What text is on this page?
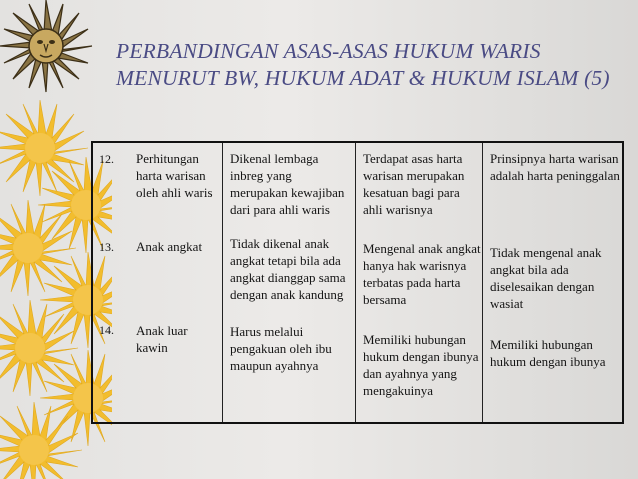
PERBANDINGAN ASAS-ASAS HUKUM WARIS
MENURUT BW, HUKUM ADAT & HUKUM ISLAM (5)
12. Perhitungan harta warisan oleh ahli waris
Dikenal lembaga inbreg yang merupakan kewajiban dari para ahli waris
Terdapat asas harta warisan merupakan kesatuan bagi para ahli warisnya
Prinsipnya harta warisan adalah harta peninggalan
13. Anak angkat	Tidak dikenal anak angkat tetapi bila ada angkat dianggap sama dengan anak kandung
Mengenal anak angkat hanya hak warisnya terbatas pada harta bersama
Tidak mengenal anak angkat bila ada diselesaikan dengan wasiat
14. Anak luar kawin
Harus melalui pengakuan oleh ibu maupun ayahnya
Memiliki hubungan hukum dengan ibunya dan ayahnya yang mengakuinya
Memiliki hubungan hukum dengan ibunya
